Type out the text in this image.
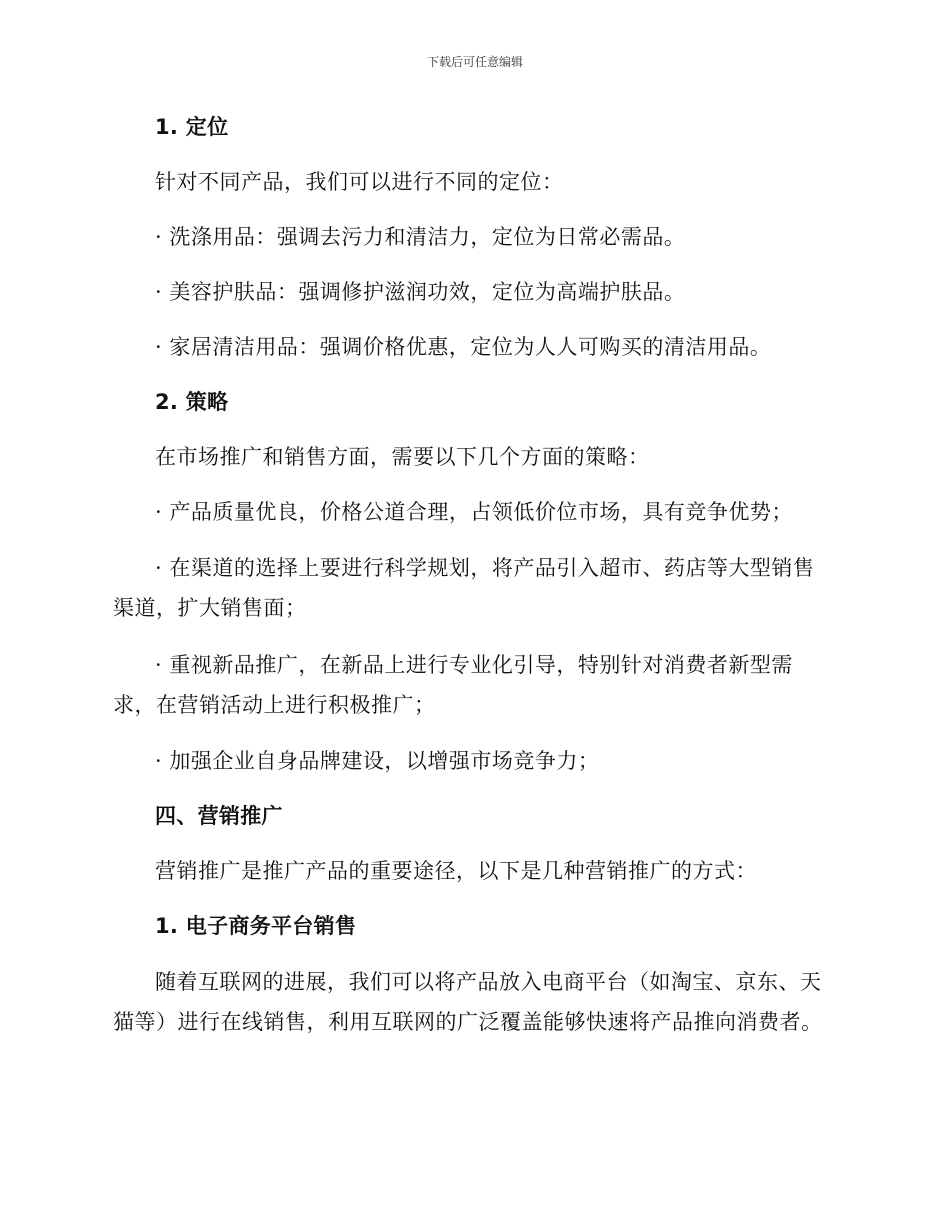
下载后可任意编辑
1. 定位

针对不同产品，我们可以进行不同的定位：

· 洗涤用品：强调去污力和清洁力，定位为日常必需品。

· 美容护肤品：强调修护滋润功效，定位为高端护肤品。

· 家居清洁用品：强调价格优惠，定位为人人可购买的清洁用品。

2. 策略

在市场推广和销售方面，需要以下几个方面的策略：

· 产品质量优良，价格公道合理，占领低价位市场，具有竞争优势；

· 在渠道的选择上要进行科学规划，将产品引入超市、药店等大型销售渠道，扩大销售面；

· 重视新品推广，在新品上进行专业化引导，特别针对消费者新型需求，在营销活动上进行积极推广；

· 加强企业自身品牌建设，以增强市场竞争力；

四、营销推广

营销推广是推广产品的重要途径，以下是几种营销推广的方式：

1. 电子商务平台销售

随着互联网的进展，我们可以将产品放入电商平台（如淘宝、京东、天猫等）进行在线销售，利用互联网的广泛覆盖能够快速将产品推向消费者。
